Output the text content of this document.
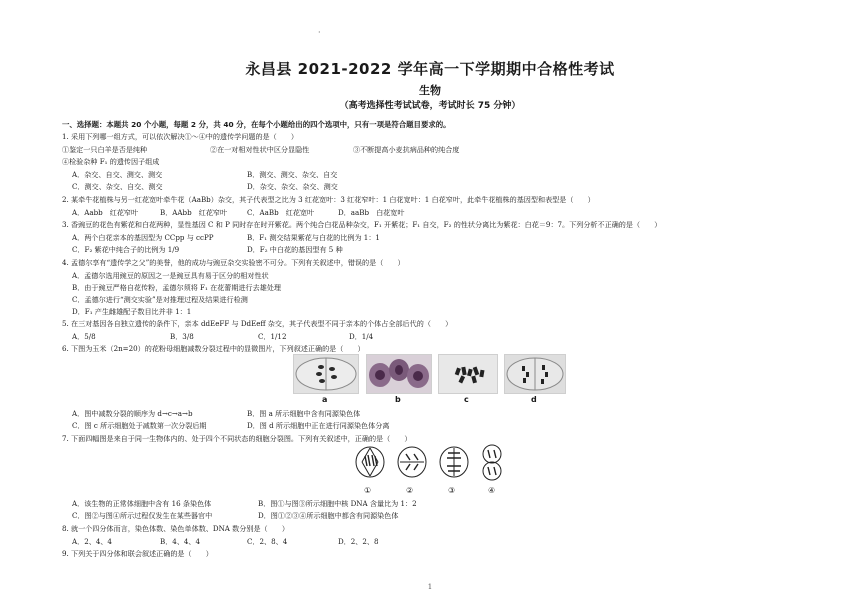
·
永昌县 2021-2022 学年高一下学期期中合格性考试
生物
（高考选择性考试试卷，考试时长 75 分钟）
一、选择题：本题共 20 个小题，每题 2 分，共 40 分，在每个小题给出的四个选项中，只有一项是符合题目要求的。
1. 采用下列哪一组方式，可以依次解决①～④中的遗传学问题的是（　　）
①鉴定一只白羊是否是纯种	②在一对相对性状中区分显隐性	③不断提高小麦抗病品种的纯合度
④检验杂种 F₁ 的遗传因子组成
A．杂交、自交、测交、测交	B．测交、测交、杂交、自交
C．测交、杂交、自交、测交	D．杂交、杂交、杂交、测交
2. 某牵牛花植株与另一红花宽叶牵牛花（AaBb）杂交，其子代表型之比为 3 红花宽叶：3 红花窄叶：1 白花宽叶：1 白花窄叶，此牵牛花植株的基因型和表型是（　　）
A．Aabb　红花窄叶	B．AAbb　红花窄叶	C．AaBb　红花宽叶	D．aaBb　白花宽叶
3. 香豌豆的花色有紫花和白花两种，显性基因 C 和 P 同时存在时开紫花。两个纯合白花品种杂交，F₁ 开紫花；F₁ 自交，F₂ 的性状分离比为紫花：白花＝9：7。下列分析不正确的是（　　）
A．两个白花亲本的基因型为 CCpp 与 ccPP	B．F₁ 测交结果紫花与白花的比例为 1：1
C．F₂ 紫花中纯合子的比例为 1/9	D．F₂ 中白花的基因型有 5 种
4. 孟德尔享有“遗传学之父”的美誉，他的成功与豌豆杂交实验密不可分。下列有关叙述中，错误的是（　　）
A．孟德尔选用豌豆的原因之一是豌豆具有易于区分的相对性状
B．由于豌豆严格自花传粉，孟德尔须将 F₁ 在花蕾期进行去雄处理
C．孟德尔进行“测交实验”是对推理过程及结果进行检测
D．F₁ 产生雌雄配子数目比并非 1：1
5. 在三对基因各自独立遗传的条件下，亲本 ddEeFF 与 DdEeff 杂交，其子代表型不同于亲本的个体占全部后代的（　　）
A．5/8	B．3/8	C．1/12	D．1/4
6. 下图为玉米（2n=20）的花粉母细胞减数分裂过程中的显微图片，下列叙述正确的是（　　）
a	b	c	d
A．图中减数分裂的顺序为 d→c→a→b	B．图 a 所示细胞中含有同源染色体
C．图 c 所示细胞处于减数第一次分裂后期	D．图 d 所示细胞中正在进行同源染色体分离
7. 下面四幅图是来自于同一生物体内的、处于四个不同状态的细胞分裂图。下列有关叙述中，正确的是（　　）
①	②	③	④
A．该生物的正常体细胞中含有 16 条染色体	B．图①与图③所示细胞中核 DNA 含量比为 1：2
C．图②与图④所示过程仅发生在某些器官中	D．图①②③④所示细胞中都含有同源染色体
8. 就一个四分体而言，染色体数、染色单体数、DNA 数分别是（　　）
A．2、4、4	B．4、4、4	C．2、8、4	D．2、2、8
9. 下列关于四分体和联会叙述正确的是（　　）
1
